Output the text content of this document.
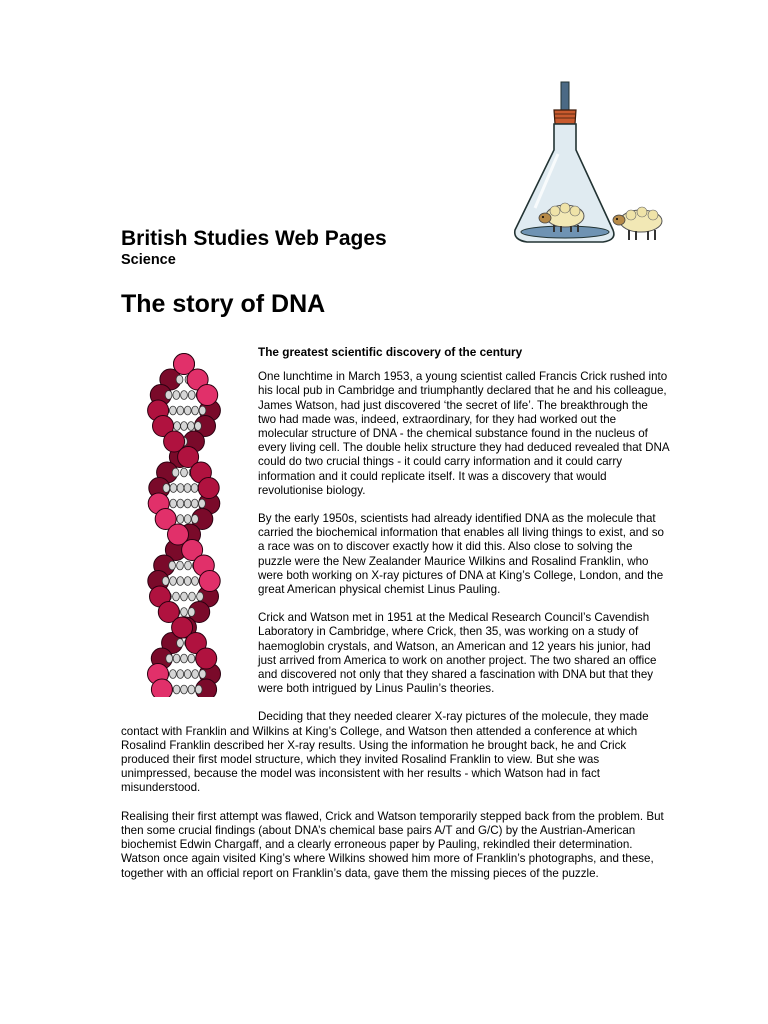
British Studies Web Pages
Science
The story of DNA

The greatest scientific discovery of the century

One lunchtime in March 1953, a young scientist called Francis Crick rushed into his local pub in Cambridge and triumphantly declared that he and his colleague, James Watson, had just discovered ‘the secret of life’. The breakthrough the two had made was, indeed, extraordinary, for they had worked out the molecular structure of DNA - the chemical substance found in the nucleus of every living cell. The double helix structure they had deduced revealed that DNA could do two crucial things - it could carry information and it could carry information and it could replicate itself. It was a discovery that would revolutionise biology.

By the early 1950s, scientists had already identified DNA as the molecule that carried the biochemical information that enables all living things to exist, and so a race was on to discover exactly how it did this. Also close to solving the puzzle were the New Zealander Maurice Wilkins and Rosalind Franklin, who were both working on X-ray pictures of DNA at King’s College, London, and the great American physical chemist Linus Pauling.

Crick and Watson met in 1951 at the Medical Research Council’s Cavendish Laboratory in Cambridge, where Crick, then 35, was working on a study of haemoglobin crystals, and Watson, an American and 12 years his junior, had just arrived from America to work on another project. The two shared an office and discovered not only that they shared a fascination with DNA but that they were both intrigued by Linus Paulin’s theories.

Deciding that they needed clearer X-ray pictures of the molecule, they made contact with Franklin and Wilkins at King’s College, and Watson then attended a conference at which Rosalind Franklin described her X-ray results. Using the information he brought back, he and Crick produced their first model structure, which they invited Rosalind Franklin to view. But she was unimpressed, because the model was inconsistent with her results - which Watson had in fact misunderstood.

Realising their first attempt was flawed, Crick and Watson temporarily stepped back from the problem. But then some crucial findings (about DNA’s chemical base pairs A/T and G/C) by the Austrian-American biochemist Edwin Chargaff, and a clearly erroneous paper by Pauling, rekindled their determination. Watson once again visited King’s where Wilkins showed him more of Franklin’s photographs, and these, together with an official report on Franklin’s data, gave them the missing pieces of the puzzle.
